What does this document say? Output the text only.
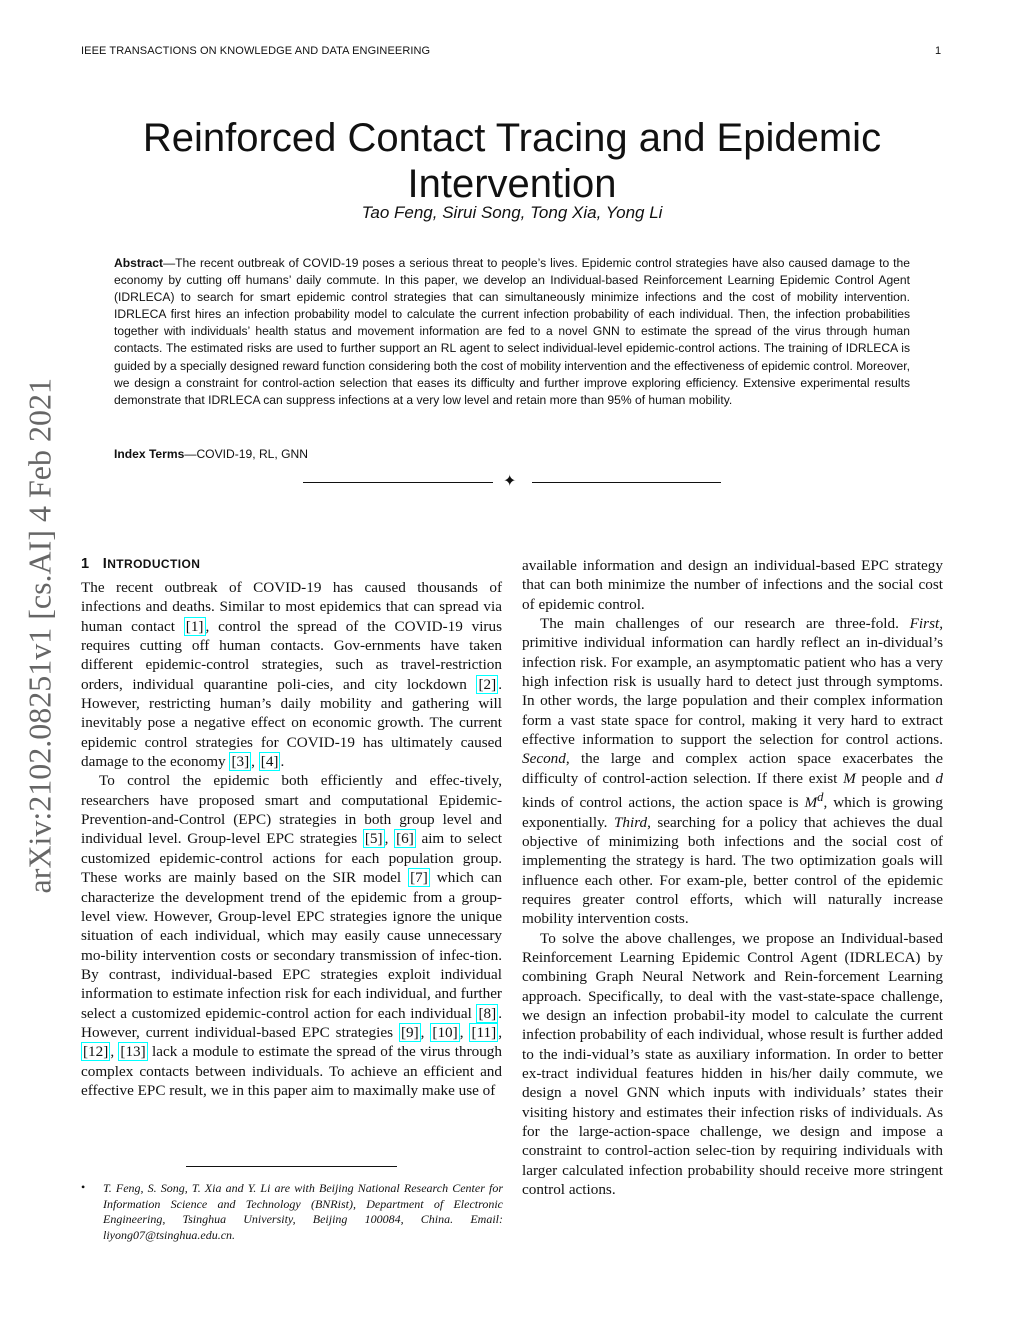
IEEE TRANSACTIONS ON KNOWLEDGE AND DATA ENGINEERING	1
Reinforced Contact Tracing and Epidemic Intervention
Tao Feng, Sirui Song, Tong Xia, Yong Li
Abstract—The recent outbreak of COVID-19 poses a serious threat to people’s lives. Epidemic control strategies have also caused damage to the economy by cutting off humans’ daily commute. In this paper, we develop an Individual-based Reinforcement Learning Epidemic Control Agent (IDRLECA) to search for smart epidemic control strategies that can simultaneously minimize infections and the cost of mobility intervention. IDRLECA first hires an infection probability model to calculate the current infection probability of each individual. Then, the infection probabilities together with individuals’ health status and movement information are fed to a novel GNN to estimate the spread of the virus through human contacts. The estimated risks are used to further support an RL agent to select individual-level epidemic-control actions. The training of IDRLECA is guided by a specially designed reward function considering both the cost of mobility intervention and the effectiveness of epidemic control. Moreover, we design a constraint for control-action selection that eases its difficulty and further improve exploring efficiency. Extensive experimental results demonstrate that IDRLECA can suppress infections at a very low level and retain more than 95% of human mobility.
Index Terms—COVID-19, RL, GNN
✦
arXiv:2102.08251v1 [cs.AI] 4 Feb 2021 1 INTRODUCTION

The recent outbreak of COVID-19 has caused thousands of infections and deaths. Similar to most epidemics that can spread via human contact [1] , control the spread of the COVID-19 virus requires cutting off human contacts. Gov-ernments have taken different epidemic-control strategies, such as travel-restriction orders, individual quarantine poli-cies, and city lockdown [2] . However, restricting human’s daily mobility and gathering will inevitably pose a negative effect on economic growth. The current epidemic control strategies for COVID-19 has ultimately caused damage to the economy [3] , [4] .

To control the epidemic both efficiently and effec-tively, researchers have proposed smart and computational Epidemic-Prevention-and-Control (EPC) strategies in both group level and individual level. Group-level EPC strategies [5] , [6] aim to select customized epidemic-control actions for each population group. These works are mainly based on the SIR model [7] which can characterize the development trend of the epidemic from a group-level view. However, Group-level EPC strategies ignore the unique situation of each individual, which may easily cause unnecessary mo-bility intervention costs or secondary transmission of infec-tion. By contrast, individual-based EPC strategies exploit individual information to estimate infection risk for each individual, and further select a customized epidemic-control action for each individual [8] . However, current individual-based EPC strategies [9] , [10] , [11] , [12] , [13] lack a module to estimate the spread of the virus through complex contacts between individuals. To achieve an efficient and effective EPC result, we in this paper aim to maximally make use of

• T. Feng, S. Song, T. Xia and Y. Li are with Beijing National Research Center for Information Science and Technology (BNRist), Department of Electronic Engineering, Tsinghua University, Beijing 100084, China. Email: liyong07@tsinghua.edu.cn.

available information and design an individual-based EPC strategy that can both minimize the number of infections and the social cost of epidemic control.

The main challenges of our research are three-fold. First, primitive individual information can hardly reflect an in-dividual’s infection risk. For example, an asymptomatic patient who has a very high infection risk is usually hard to detect just through symptoms. In other words, the large population and their complex information form a vast state space for control, making it very hard to extract effective information to support the selection for control actions. Second, the large and complex action space exacerbates the difficulty of control-action selection. If there exist M people and d kinds of control actions, the action space is $M^d$, which is growing exponentially. Third, searching for a policy that achieves the dual objective of minimizing both infections and the social cost of implementing the strategy is hard. The two optimization goals will influence each other. For exam-ple, better control of the epidemic requires greater control efforts, which will naturally increase mobility intervention costs.

To solve the above challenges, we propose an Individual-based Reinforcement Learning Epidemic Control Agent (IDRLECA) by combining Graph Neural Network and Rein-forcement Learning approach. Specifically, to deal with the vast-state-space challenge, we design an infection probabil-ity model to calculate the current infection probability of each individual, whose result is further added to the indi-vidual’s state as auxiliary information. In order to better ex-tract individual features hidden in his/her daily commute, we design a novel GNN which inputs with individuals’ states their visiting history and estimates their infection risks of individuals. As for the large-action-space challenge, we design and impose a constraint to control-action selec-tion by requiring individuals with larger calculated infection probability should receive more stringent control actions.
